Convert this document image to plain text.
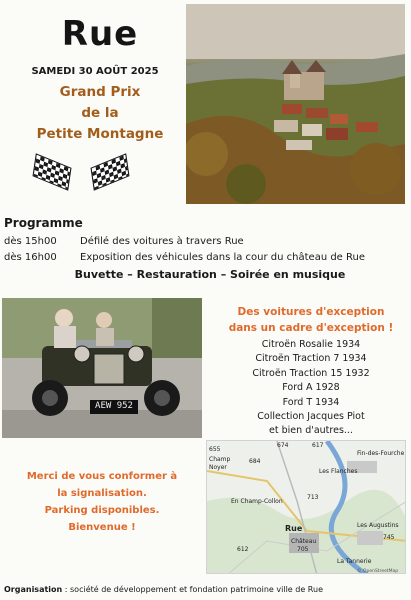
Rue
SAMEDI 30 AOÛT 2025
Grand Prix
de la
Petite Montagne
Programme
dès 15h00 Défilé des voitures à travers Rue
dès 16h00 Exposition des véhicules dans la cour du château de Rue
Buvette – Restauration – Soirée en musique
AEW 952
Des voitures d'exception
dans un cadre d'exception !
Citroën Rosalie 1934
Citroën Traction 7 1934
Citroën Traction 15 1932
Ford A 1928
Ford T 1934
Collection Jacques Piot
et bien d'autres...
Merci de vous conformer à
la signalisation.
Parking disponibles.
Bienvenue !
655
Champ
Noyer
674	617
684
Fin-des-Fourche
Les Flanches
713
En Champ-Collon
Rue
Château
705
612
Les Augustins
745
La Tannerie
© OpenStreetMap
Organisation : société de développement et fondation patrimoine ville de Rue
